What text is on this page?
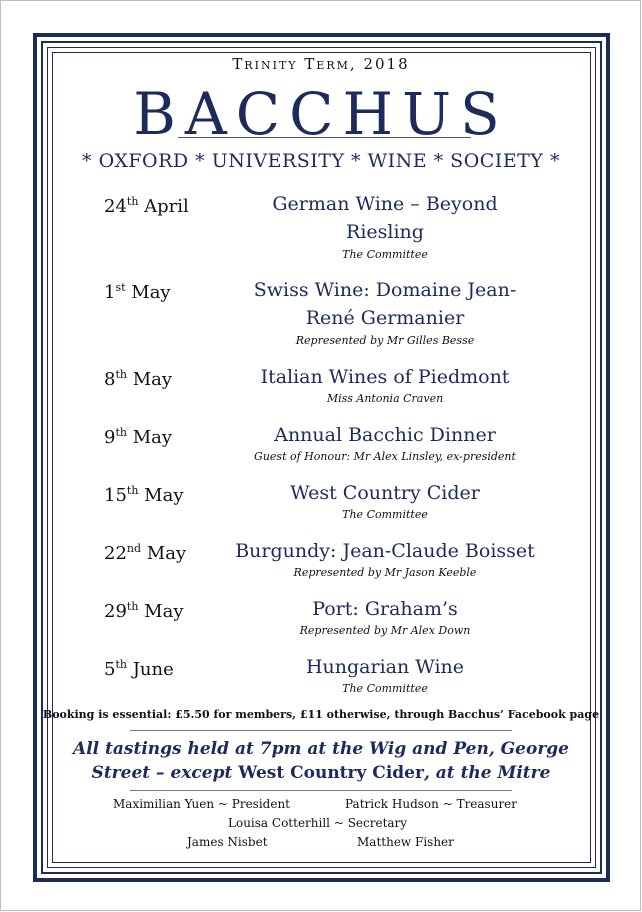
Trinity Term, 2018
BACCHUS
* OXFORD * UNIVERSITY * WINE * SOCIETY *
24th April	German Wine – Beyond
Riesling
The Committee
1st May	Swiss Wine: Domaine Jean-
René Germanier
Represented by Mr Gilles Besse
8th May	Italian Wines of Piedmont
Miss Antonia Craven
9th May	Annual Bacchic Dinner
Guest of Honour: Mr Alex Linsley, ex-president
15th May	West Country Cider
The Committee
22nd May	Burgundy: Jean-Claude Boisset
Represented by Mr Jason Keeble
29th May	Port: Graham’s
Represented by Mr Alex Down
5th June	Hungarian Wine
The Committee
Booking is essential: £5.50 for members, £11 otherwise, through Bacchus’ Facebook page
All tastings held at 7pm at the Wig and Pen, George
Street – except West Country Cider, at the Mitre
Maximilian Yuen ~ President	Patrick Hudson ~ Treasurer
Louisa Cotterhill ~ Secretary
James Nisbet	Matthew Fisher
